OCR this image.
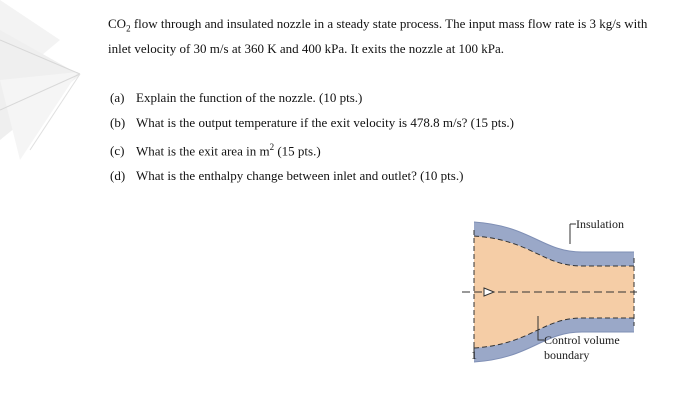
$CO_2$ flow through and insulated nozzle in a steady state process. The input mass flow rate is 3 kg/s with inlet velocity of 30 m/s at 360 K and 400 kPa. It exits the nozzle at 100 kPa.

(a) Explain the function of the nozzle. (10 pts.)
(b) What is the output temperature if the exit velocity is 478.8 m/s? (15 pts.)
(c) What is the exit area in $m^2$ (15 pts.)
(d) What is the enthalpy change between inlet and outlet? (10 pts.)
Insulation
Control volume
boundary
1
